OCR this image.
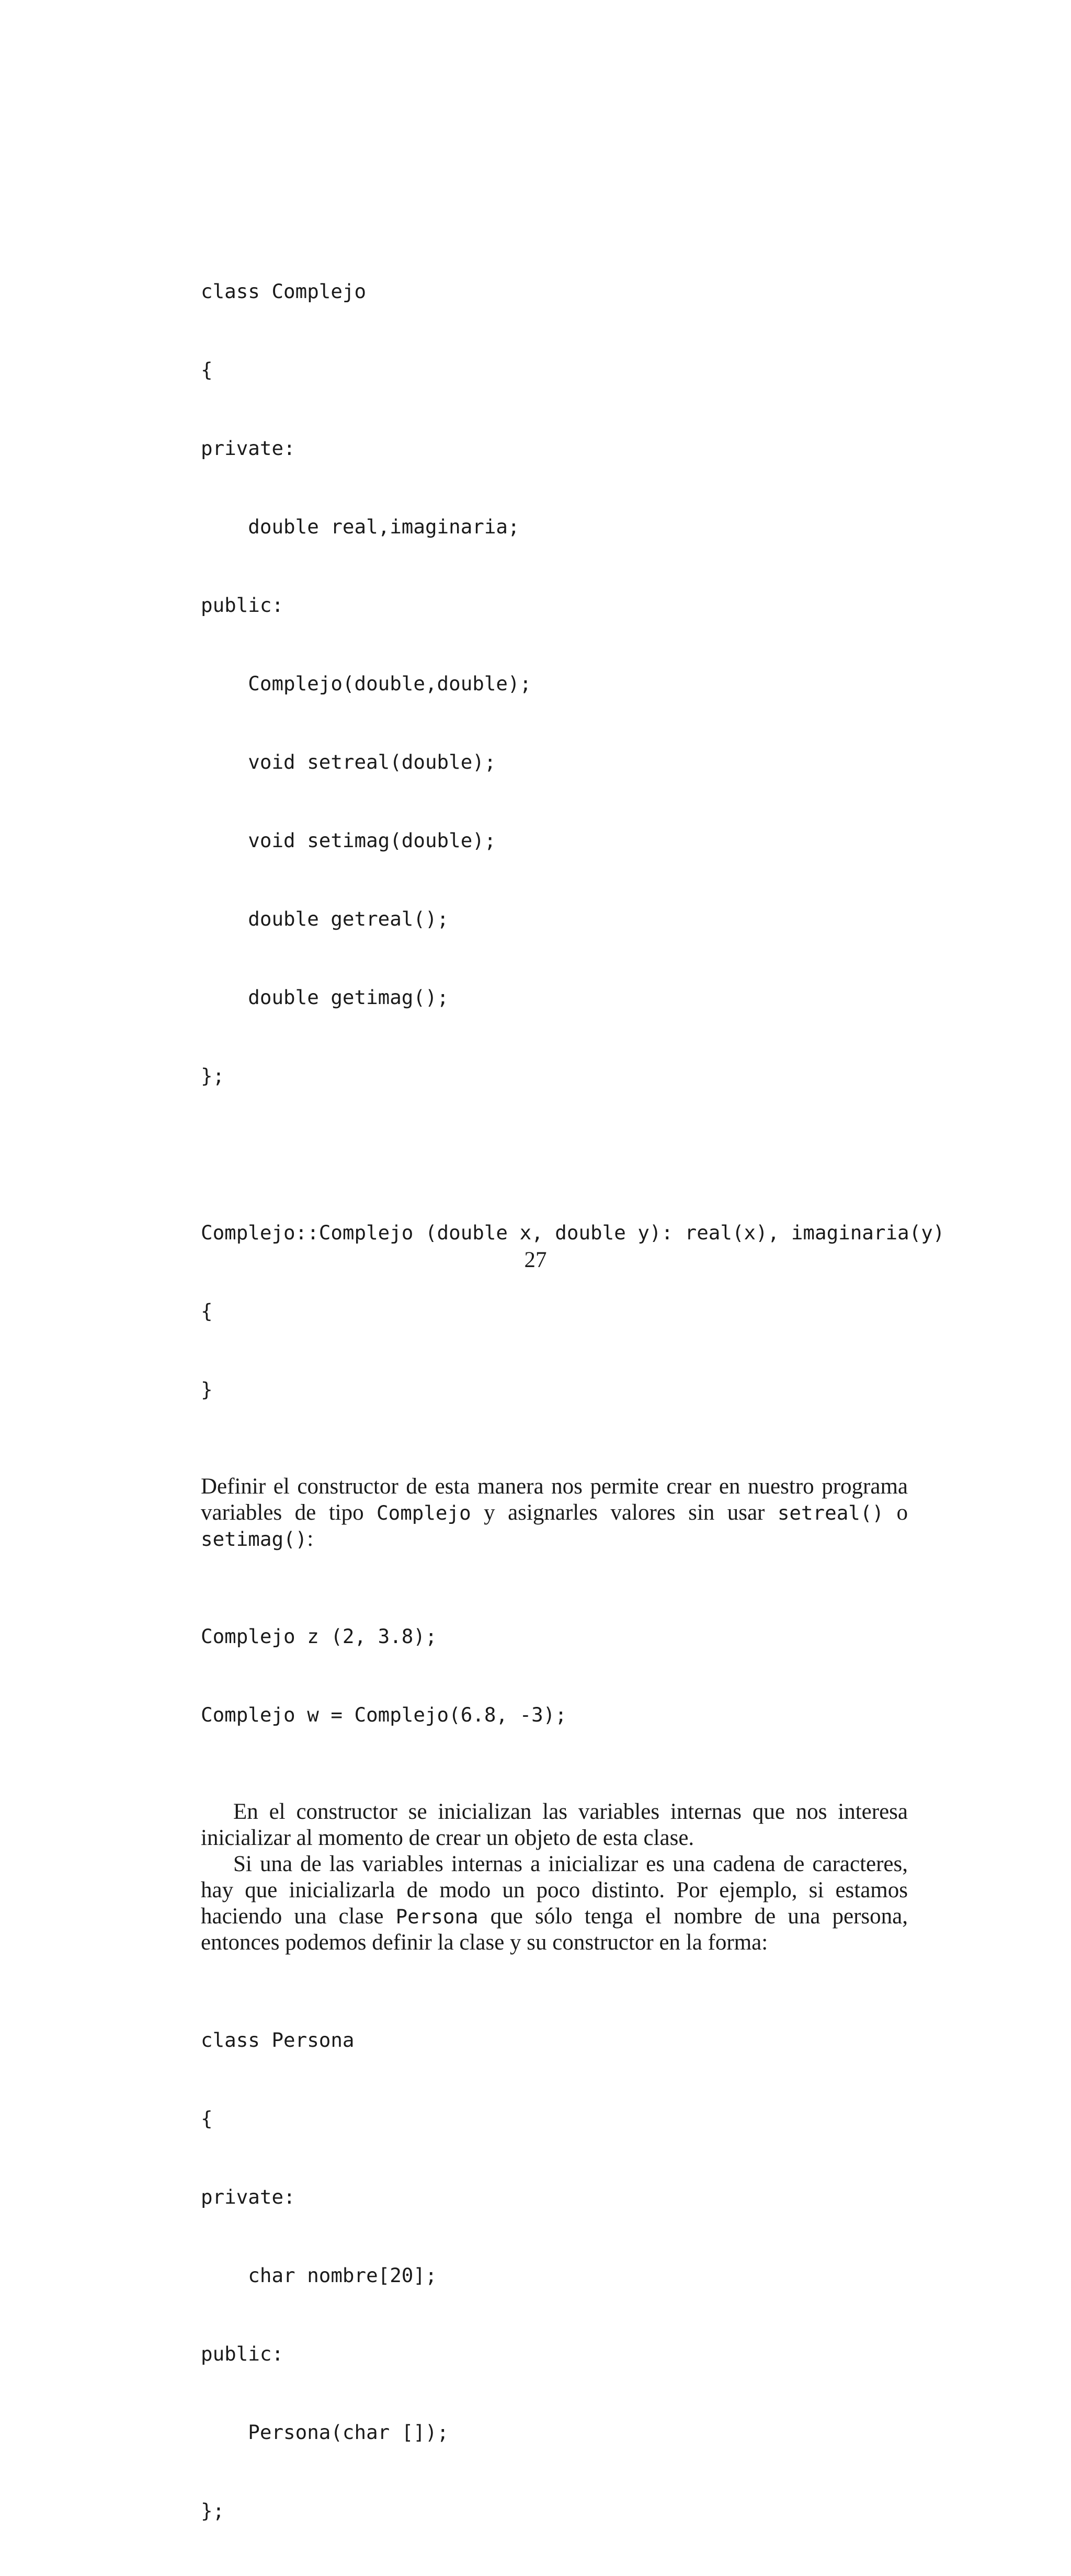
class Complejo

{

private:

double real,imaginaria;

public:

Complejo(double,double);

void setreal(double);

void setimag(double);

double getreal();

double getimag();

};

Complejo::Complejo (double x, double y): real(x), imaginaria(y)

{

}

Definir el constructor de esta manera nos permite crear en nuestro programa variables de tipo Complejo y asignarles valores sin usar setreal() o setimag():

Complejo z (2, 3.8);

Complejo w = Complejo(6.8, -3);

En el constructor se inicializan las variables internas que nos interesa inicializar al momento de crear un objeto de esta clase.

Si una de las variables internas a inicializar es una cadena de caracteres, hay que inicializarla de modo un poco distinto. Por ejemplo, si estamos haciendo una clase Persona que sólo tenga el nombre de una persona, entonces podemos definir la clase y su constructor en la forma:

class Persona

{

private:

char nombre[20];

public:

Persona(char []);

};

27
